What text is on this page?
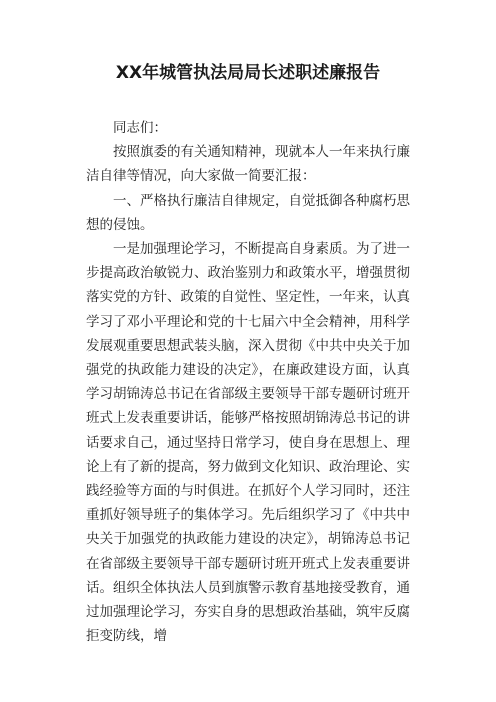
XX年城管执法局局长述职述廉报告

同志们：

按照旗委的有关通知精神，现就本人一年来执行廉洁自律等情况，向大家做一简要汇报：

一、严格执行廉洁自律规定，自觉抵御各种腐朽思想的侵蚀。

一是加强理论学习，不断提高自身素质。为了进一步提高政治敏锐力、政治鉴别力和政策水平，增强贯彻落实党的方针、政策的自觉性、坚定性，一年来，认真学习了邓小平理论和党的十七届六中全会精神，用科学发展观重要思想武装头脑，深入贯彻《中共中央关于加强党的执政能力建设的决定》，在廉政建设方面，认真学习胡锦涛总书记在省部级主要领导干部专题研讨班开班式上发表重要讲话，能够严格按照胡锦涛总书记的讲话要求自己，通过坚持日常学习，使自身在思想上、理论上有了新的提高，努力做到文化知识、政治理论、实践经验等方面的与时俱进。在抓好个人学习同时，还注重抓好领导班子的集体学习。先后组织学习了《中共中央关于加强党的执政能力建设的决定》，胡锦涛总书记在省部级主要领导干部专题研讨班开班式上发表重要讲话。组织全体执法人员到旗警示教育基地接受教育，通过加强理论学习，夯实自身的思想政治基础，筑牢反腐拒变防线，增
